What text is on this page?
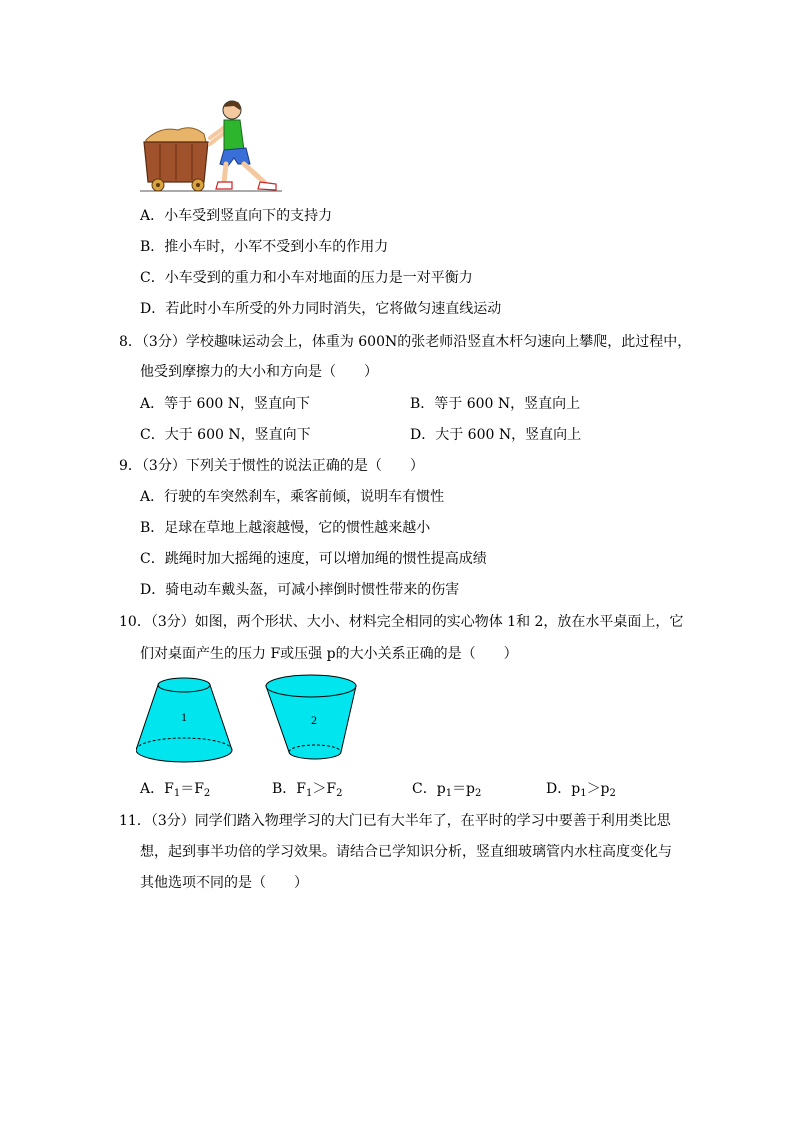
A．小车受到竖直向下的支持力
B．推小车时，小军不受到小车的作用力
C．小车受到的重力和小车对地面的压力是一对平衡力
D．若此时小车所受的外力同时消失，它将做匀速直线运动
8．（3分）学校趣味运动会上，体重为 600N的张老师沿竖直木杆匀速向上攀爬，此过程中，
他受到摩擦力的大小和方向是（　　）
A．等于 600 N，竖直向下	B．等于 600 N，竖直向上
C．大于 600 N，竖直向下	D．大于 600 N，竖直向上
9．（3分）下列关于惯性的说法正确的是（　　）
A．行驶的车突然刹车，乘客前倾，说明车有惯性
B．足球在草地上越滚越慢，它的惯性越来越小
C．跳绳时加大摇绳的速度，可以增加绳的惯性提高成绩
D．骑电动车戴头盔，可减小摔倒时惯性带来的伤害
10．（3分）如图，两个形状、大小、材料完全相同的实心物体 1和 2，放在水平桌面上，它
们对桌面产生的压力 F或压强 p的大小关系正确的是（　　）
1	2
A．$F_1=F_2$	B．$F_1>F_2$	C．$p_1=p_2$	D．$p_1>p_2$
11．（3分）同学们踏入物理学习的大门已有大半年了，在平时的学习中要善于利用类比思
想，起到事半功倍的学习效果。请结合已学知识分析，竖直细玻璃管内水柱高度变化与
其他选项不同的是（　　）
